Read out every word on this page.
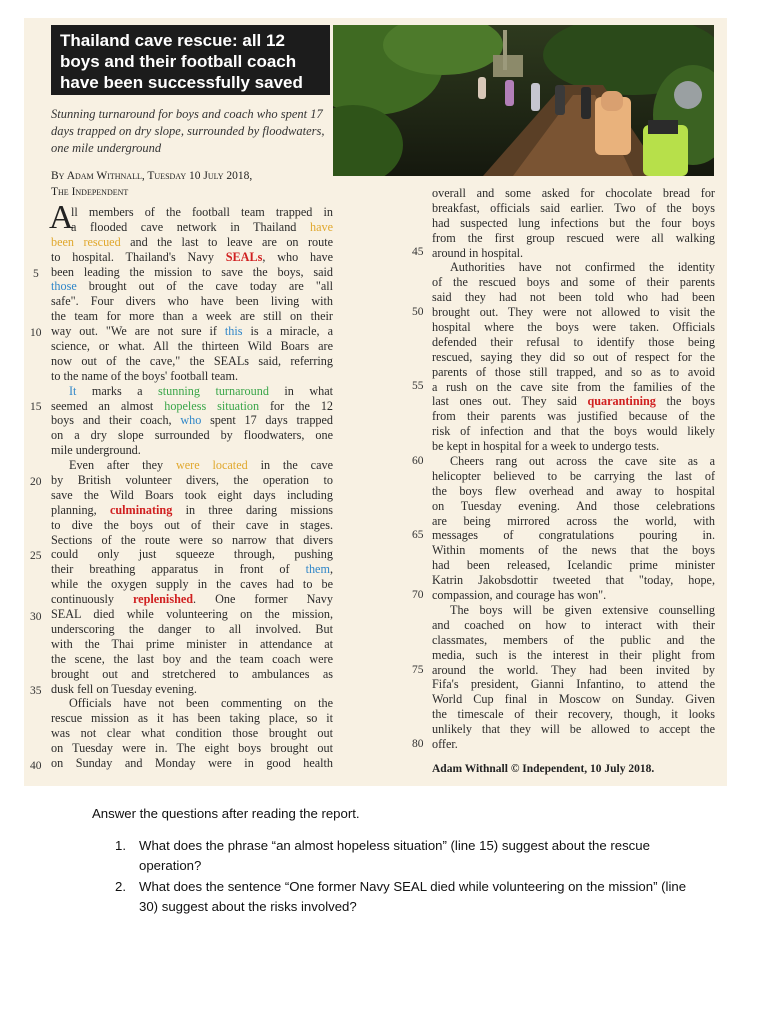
Thailand cave rescue: all 12 boys and their football coach have been successfully saved
Stunning turnaround for boys and coach who spent 17 days trapped on dry slope, surrounded by floodwaters, one mile underground
By Adam Withnall, Tuesday 10 July 2018,
The Independent
A
ll members of the football team trapped in
a flooded cave network in Thailand have
been rescued and the last to leave are on route
to hospital. Thailand's Navy SEALs, who have
been leading the mission to save the boys, said
those brought out of the cave today are "all
safe". Four divers who have been living with
the team for more than a week are still on their
way out. "We are not sure if this is a miracle, a
science, or what. All the thirteen Wild Boars are
now out of the cave," the SEALs said, referring
to the name of the boys' football team.
It marks a stunning turnaround in what
seemed an almost hopeless situation for the 12
boys and their coach, who spent 17 days trapped
on a dry slope surrounded by floodwaters, one
mile underground.
Even after they were located in the cave
by British volunteer divers, the operation to
save the Wild Boars took eight days including
planning, culminating in three daring missions
to dive the boys out of their cave in stages.
Sections of the route were so narrow that divers
could only just squeeze through, pushing
their breathing apparatus in front of them,
while the oxygen supply in the caves had to be
continuously replenished. One former Navy
SEAL died while volunteering on the mission,
underscoring the danger to all involved. But
with the Thai prime minister in attendance at
the scene, the last boy and the team coach were
brought out and stretchered to ambulances as
dusk fell on Tuesday evening.
Officials have not been commenting on the
rescue mission as it has been taking place, so it
was not clear what condition those brought out
on Tuesday were in. The eight boys brought out
on Sunday and Monday were in good health
overall and some asked for chocolate bread for
breakfast, officials said earlier. Two of the boys
had suspected lung infections but the four boys
from the first group rescued were all walking
around in hospital.
Authorities have not confirmed the identity
of the rescued boys and some of their parents
said they had not been told who had been
brought out. They were not allowed to visit the
hospital where the boys were taken. Officials
defended their refusal to identify those being
rescued, saying they did so out of respect for the
parents of those still trapped, and so as to avoid
a rush on the cave site from the families of the
last ones out. They said quarantining the boys
from their parents was justified because of the
risk of infection and that the boys would likely
be kept in hospital for a week to undergo tests.
Cheers rang out across the cave site as a
helicopter believed to be carrying the last of
the boys flew overhead and away to hospital
on Tuesday evening. And those celebrations
are being mirrored across the world, with
messages of congratulations pouring in.
Within moments of the news that the boys
had been released, Icelandic prime minister
Katrin Jakobsdottir tweeted that "today, hope,
compassion, and courage has won".
The boys will be given extensive counselling
and coached on how to interact with their
classmates, members of the public and the
media, such is the interest in their plight from
around the world. They had been invited by
Fifa's president, Gianni Infantino, to attend the
World Cup final in Moscow on Sunday. Given
the timescale of their recovery, though, it looks
unlikely that they will be allowed to accept the
offer.
5
10
15
20
25
30
35
40
45
50
55
60
65
70
75
80
Adam Withnall © Independent, 10 July 2018.
Answer the questions after reading the report.
1. What does the phrase “an almost hopeless situation” (line 15) suggest about the rescue operation?
2. What does the sentence “One former Navy SEAL died while volunteering on the mission” (line 30) suggest about the risks involved?
